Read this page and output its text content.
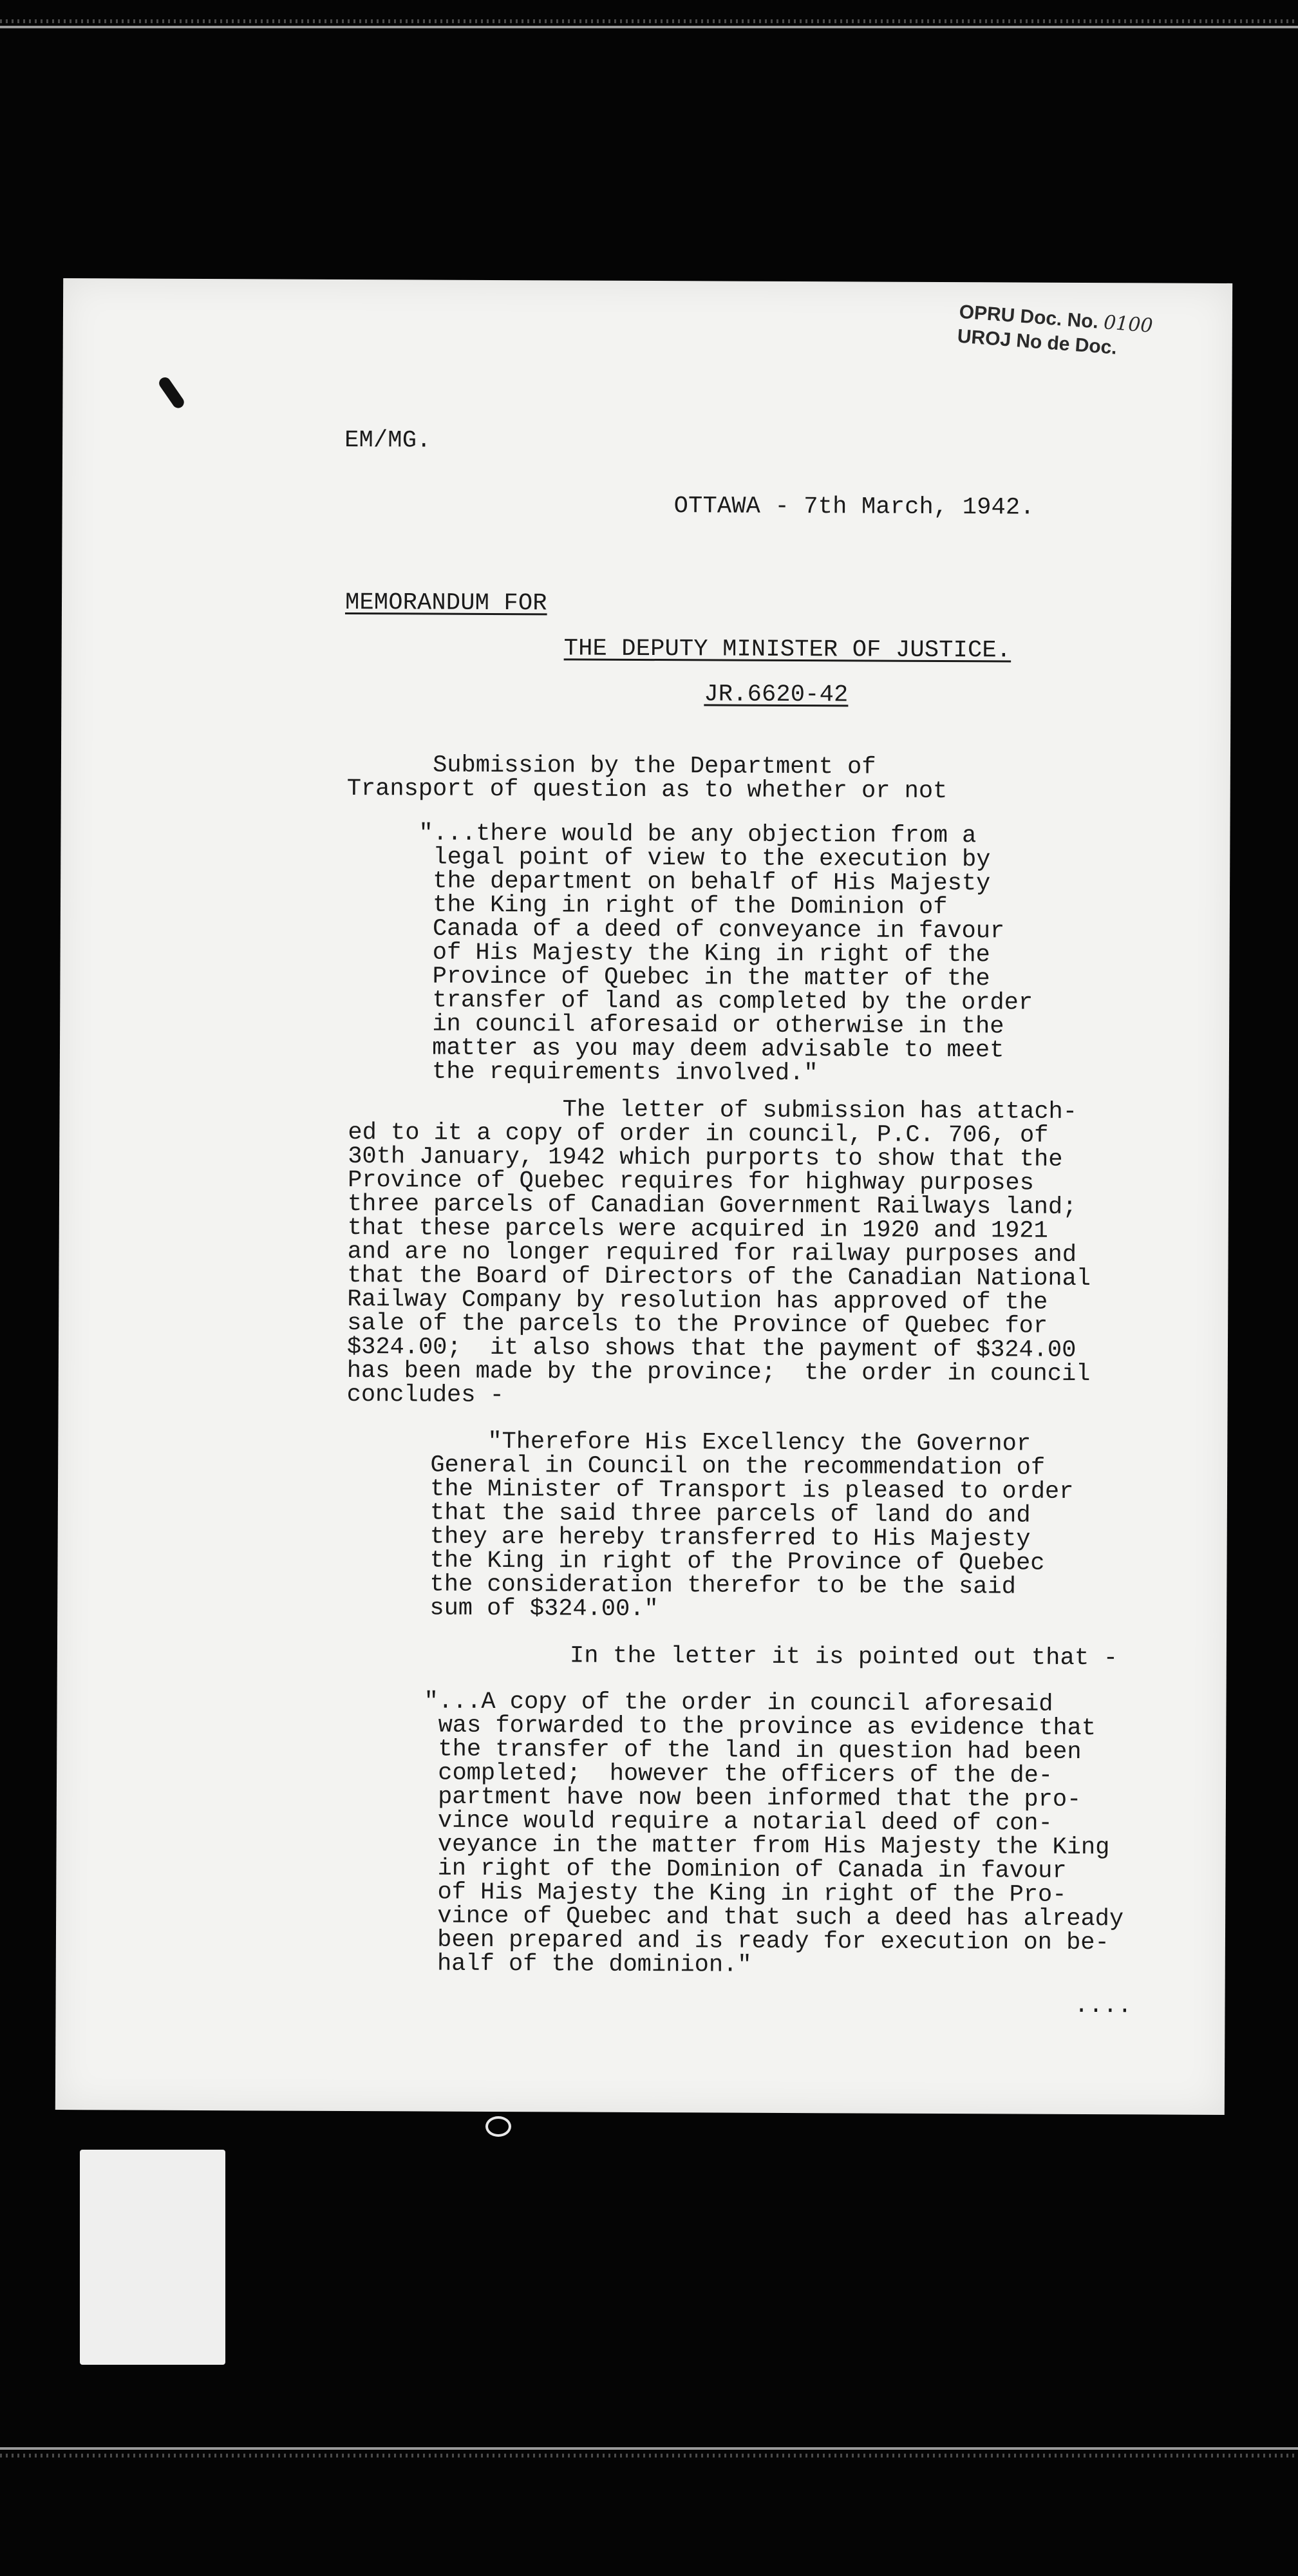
OPRU Doc. No. 0100
UROJ No de Doc.
EM/MG.
OTTAWA - 7th March, 1942.
MEMORANDUM FOR
THE DEPUTY MINISTER OF JUSTICE.
JR.6620-42
Submission by the Department of
Transport of question as to whether or not
"...there would be any objection from a
legal point of view to the execution by
the department on behalf of His Majesty
the King in right of the Dominion of
Canada of a deed of conveyance in favour
of His Majesty the King in right of the
Province of Quebec in the matter of the
transfer of land as completed by the order
in council aforesaid or otherwise in the
matter as you may deem advisable to meet
the requirements involved."
The letter of submission has attach-
ed to it a copy of order in council, P.C. 706, of
30th January, 1942 which purports to show that the
Province of Quebec requires for highway purposes
three parcels of Canadian Government Railways land;
that these parcels were acquired in 1920 and 1921
and are no longer required for railway purposes and
that the Board of Directors of the Canadian National
Railway Company by resolution has approved of the
sale of the parcels to the Province of Quebec for
$324.00;  it also shows that the payment of $324.00
has been made by the province;  the order in council
concludes -
"Therefore His Excellency the Governor
General in Council on the recommendation of
the Minister of Transport is pleased to order
that the said three parcels of land do and
they are hereby transferred to His Majesty
the King in right of the Province of Quebec
the consideration therefor to be the said
sum of $324.00."
In the letter it is pointed out that -
"...A copy of the order in council aforesaid
was forwarded to the province as evidence that
the transfer of the land in question had been
completed;  however the officers of the de-
partment have now been informed that the pro-
vince would require a notarial deed of con-
veyance in the matter from His Majesty the King
in right of the Dominion of Canada in favour
of His Majesty the King in right of the Pro-
vince of Quebec and that such a deed has already
been prepared and is ready for execution on be-
half of the dominion."
....
